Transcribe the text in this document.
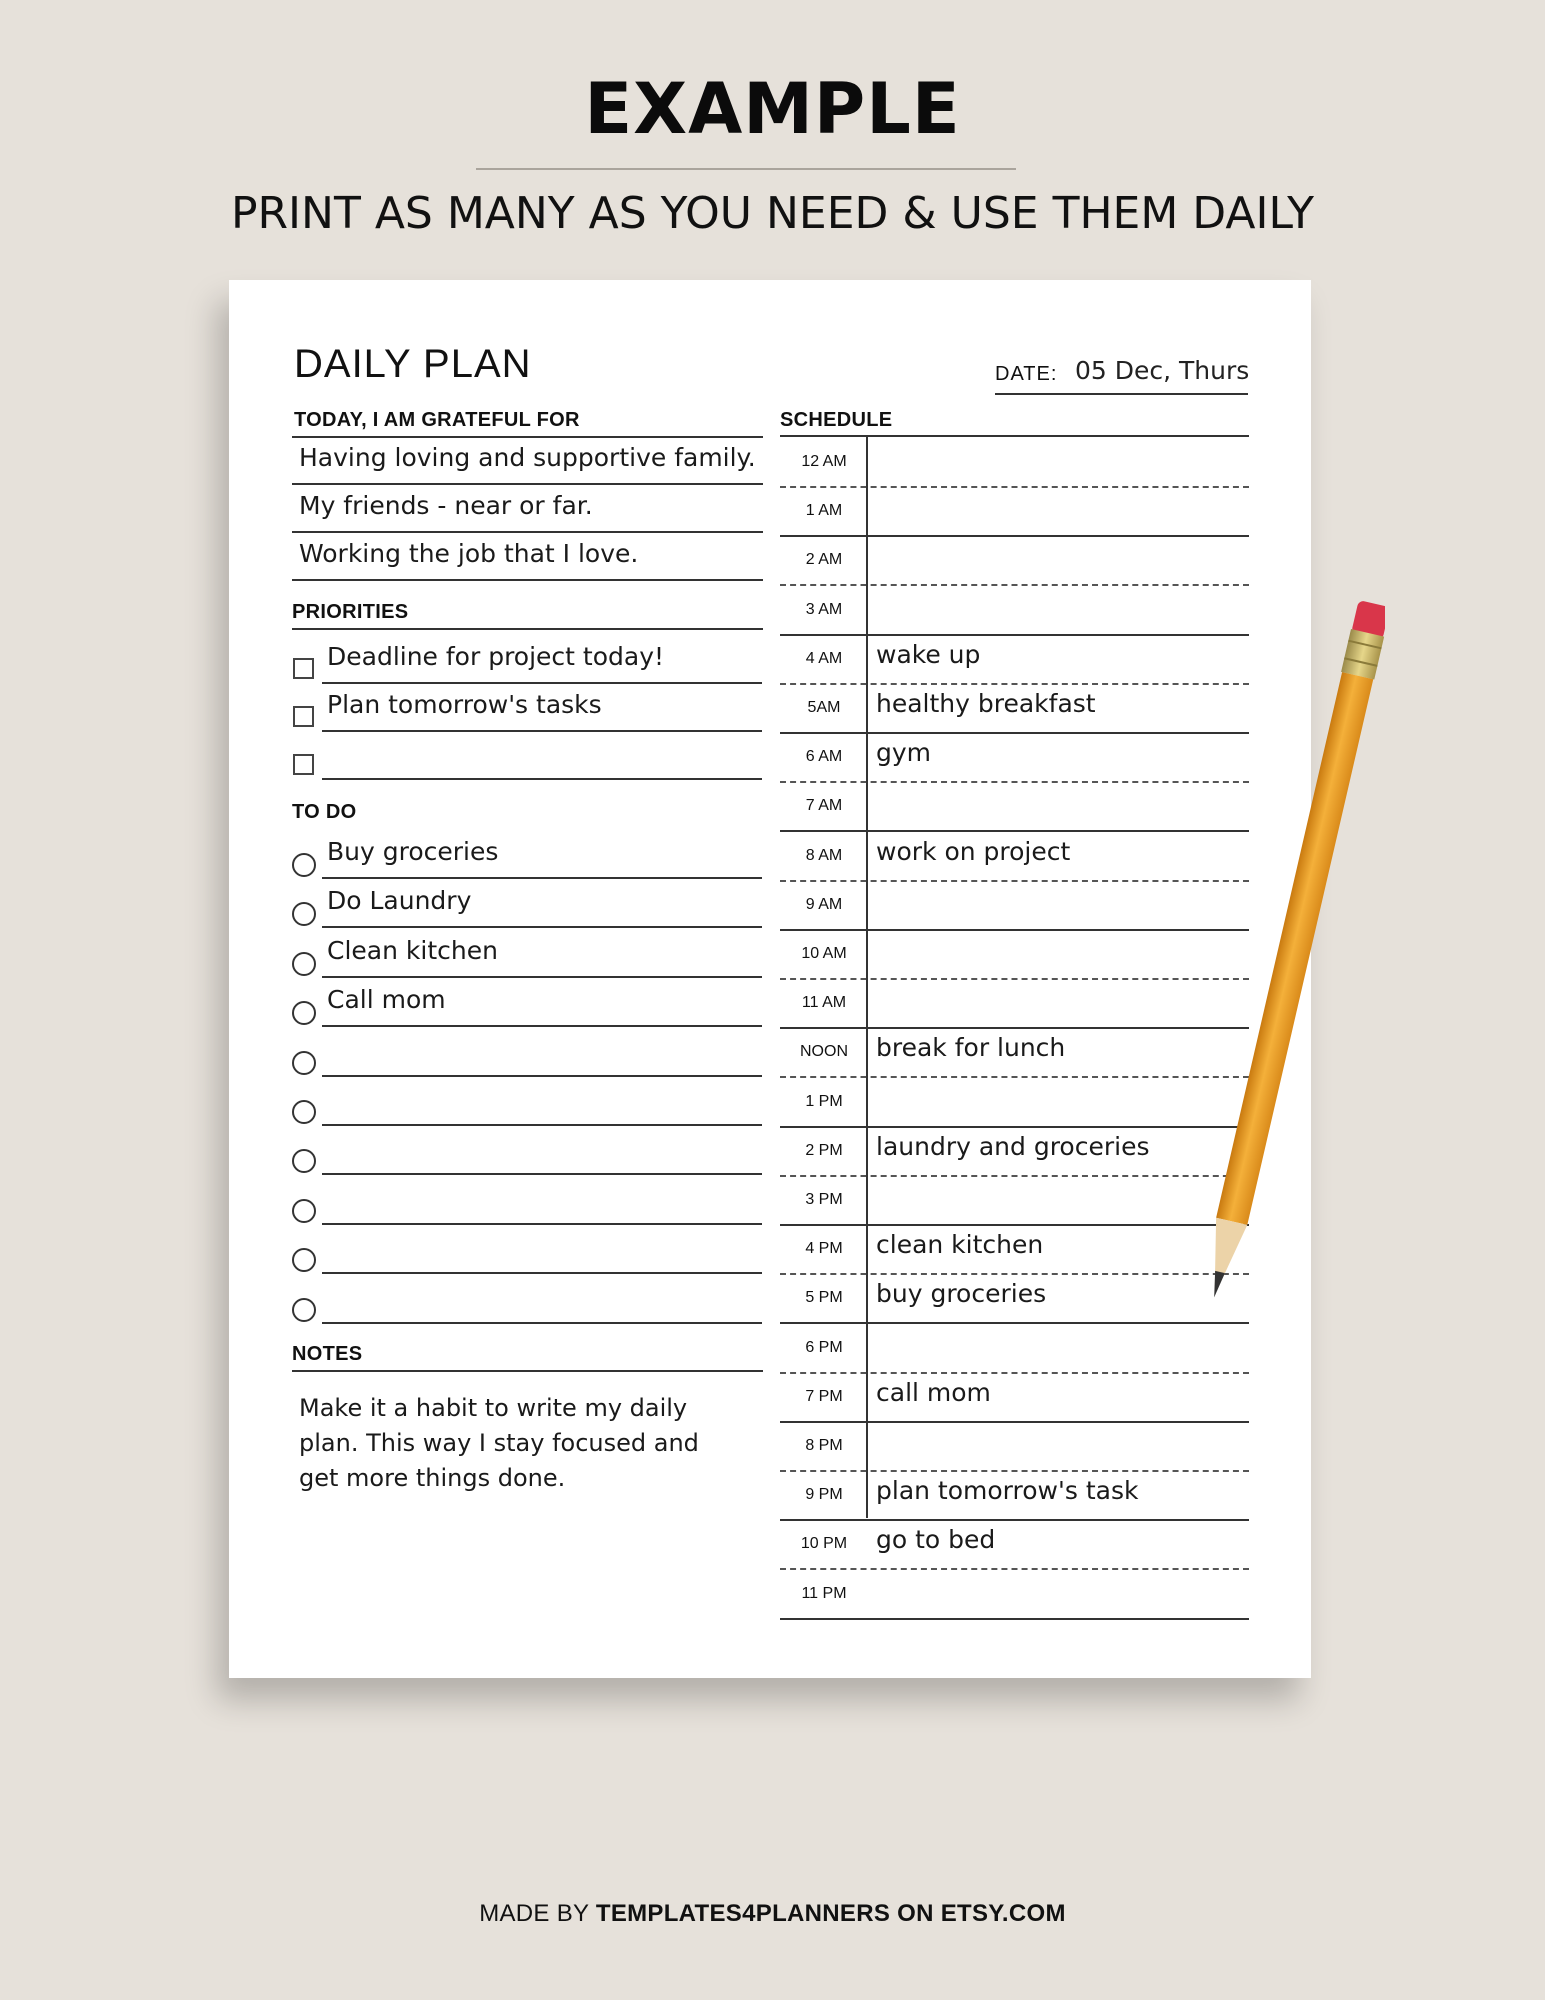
EXAMPLE
PRINT AS MANY AS YOU NEED & USE THEM DAILY
DAILY PLAN	DATE: 05 Dec, Thurs
TODAY, I AM GRATEFUL FOR
Having loving and supportive family.
My friends - near or far.
Working the job that I love.
PRIORITIES
Deadline for project today!
Plan tomorrow's tasks
TO DO
Buy groceries
Do Laundry
Clean kitchen
Call mom
NOTES
Make it a habit to write my daily plan. This way I stay focused and get more things done.
SCHEDULE
12 AM
1 AM
2 AM
3 AM
4 AM	wake up
5AM	healthy breakfast
6 AM	gym
7 AM
8 AM	work on project
9 AM
10 AM
11 AM
NOON	break for lunch
1 PM
2 PM	laundry and groceries
3 PM
4 PM	clean kitchen
5 PM	buy groceries
6 PM
7 PM	call mom
8 PM
9 PM	plan tomorrow's task
10 PM	go to bed
11 PM
MADE BY TEMPLATES4PLANNERS ON ETSY.COM
